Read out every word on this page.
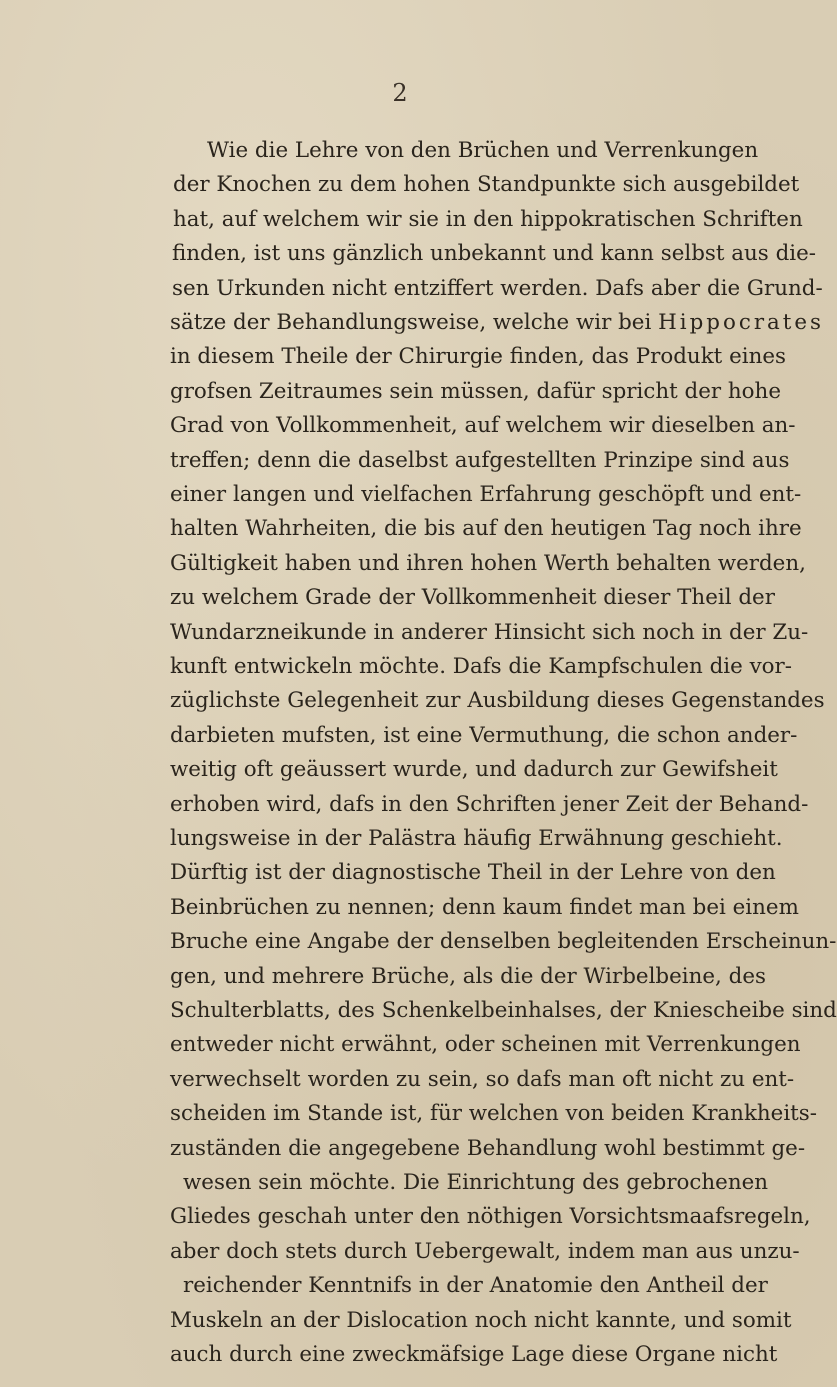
2
Wie die Lehre von den Brüchen und Verrenkungen
der Knochen zu dem hohen Standpunkte sich ausgebildet
hat, auf welchem wir sie in den hippokratischen Schriften
finden, ist uns gänzlich unbekannt und kann selbst aus die-
sen Urkunden nicht entziffert werden. Dafs aber die Grund-
sätze der Behandlungsweise, welche wir bei Hippocrates
in diesem Theile der Chirurgie finden, das Produkt eines
grofsen Zeitraumes sein müssen, dafür spricht der hohe
Grad von Vollkommenheit, auf welchem wir dieselben an-
treffen; denn die daselbst aufgestellten Prinzipe sind aus
einer langen und vielfachen Erfahrung geschöpft und ent-
halten Wahrheiten, die bis auf den heutigen Tag noch ihre
Gültigkeit haben und ihren hohen Werth behalten werden,
zu welchem Grade der Vollkommenheit dieser Theil der
Wundarzneikunde in anderer Hinsicht sich noch in der Zu-
kunft entwickeln möchte. Dafs die Kampfschulen die vor-
züglichste Gelegenheit zur Ausbildung dieses Gegenstandes
darbieten mufsten, ist eine Vermuthung, die schon ander-
weitig oft geäussert wurde, und dadurch zur Gewifsheit
erhoben wird, dafs in den Schriften jener Zeit der Behand-
lungsweise in der Palästra häufig Erwähnung geschieht.
Dürftig ist der diagnostische Theil in der Lehre von den
Beinbrüchen zu nennen; denn kaum findet man bei einem
Bruche eine Angabe der denselben begleitenden Erscheinun-
gen, und mehrere Brüche, als die der Wirbelbeine, des
Schulterblatts, des Schenkelbeinhalses, der Kniescheibe sind
entweder nicht erwähnt, oder scheinen mit Verrenkungen
verwechselt worden zu sein, so dafs man oft nicht zu ent-
scheiden im Stande ist, für welchen von beiden Krankheits-
zuständen die angegebene Behandlung wohl bestimmt ge-
wesen sein möchte. Die Einrichtung des gebrochenen
Gliedes geschah unter den nöthigen Vorsichtsmaafsregeln,
aber doch stets durch Uebergewalt, indem man aus unzu-
reichender Kenntnifs in der Anatomie den Antheil der
Muskeln an der Dislocation noch nicht kannte, und somit
auch durch eine zweckmäfsige Lage diese Organe nicht
